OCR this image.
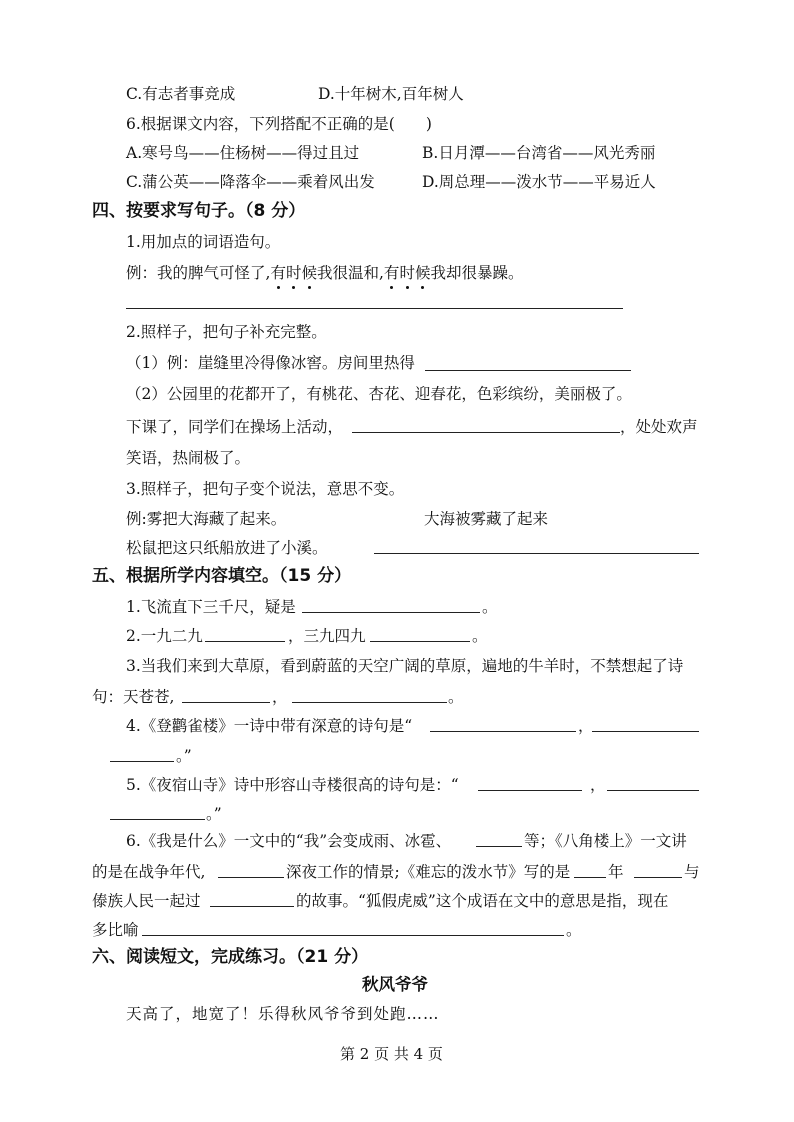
C.有志者事竞成	D.十年树木,百年树人
6.根据课文内容，下列搭配不正确的是(　　)
A.寒号鸟——住杨树——得过且过	B.日月潭——台湾省——风光秀丽
C.蒲公英——降落伞——乘着风出发	D.周总理——泼水节——平易近人
四、按要求写句子。（8 分）
1.用加点的词语造句。
例：我的脾气可怪了,有时候我很温和,有时候我却很暴躁。
2.照样子，把句子补充完整。
（1）例：崖缝里冷得像冰窖。房间里热得
（2）公园里的花都开了，有桃花、杏花、迎春花，色彩缤纷，美丽极了。
下课了，同学们在操场上活动，	，处处欢声
笑语，热闹极了。
3.照样子，把句子变个说法，意思不变。
例:雾把大海藏了起来。	大海被雾藏了起来
松鼠把这只纸船放进了小溪。
五、根据所学内容填空。（15 分）
1.飞流直下三千尺，疑是	。
2.一九二九	，三九四九	。
3.当我们来到大草原，看到蔚蓝的天空广阔的草原，遍地的牛羊时，不禁想起了诗
句：天苍苍,	，	。
4.《登鹳雀楼》一诗中带有深意的诗句是“	，
。”
5.《夜宿山寺》诗中形容山寺楼很高的诗句是：“	，
。”
6.《我是什么》一文中的“我”会变成雨、冰雹、	等；《八角楼上》一文讲
的是在战争年代,	深夜工作的情景;《难忘的泼水节》写的是 年	与
傣族人民一起过	的故事。“狐假虎威”这个成语在文中的意思是指，现在
多比喻	。
六、阅读短文，完成练习。（21 分）
秋风爷爷
天高了，地宽了！乐得秋风爷爷到处跑……
第 2 页 共 4 页
